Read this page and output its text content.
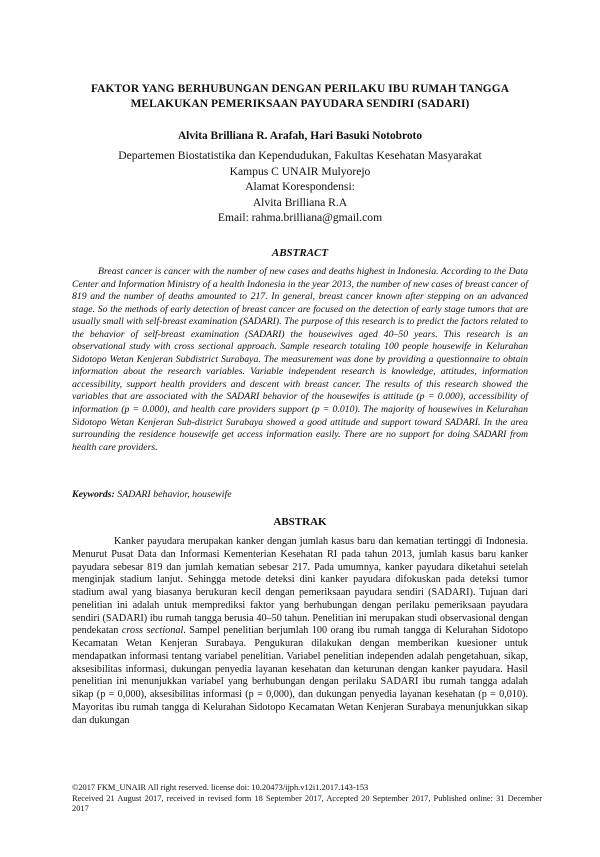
FAKTOR YANG BERHUBUNGAN DENGAN PERILAKU IBU RUMAH TANGGA
MELAKUKAN PEMERIKSAAN PAYUDARA SENDIRI (SADARI)
Alvita Brilliana R. Arafah, Hari Basuki Notobroto
Departemen Biostatistika dan Kependudukan, Fakultas Kesehatan Masyarakat
Kampus C UNAIR Mulyorejo
Alamat Korespondensi:
Alvita Brilliana R.A
Email: rahma.brilliana@gmail.com
ABSTRACT

Breast cancer is cancer with the number of new cases and deaths highest in Indonesia. According to the Data Center and Information Ministry of a health Indonesia in the year 2013, the number of new cases of breast cancer of 819 and the number of deaths amounted to 217. In general, breast cancer known after stepping on an advanced stage. So the methods of early detection of breast cancer are focused on the detection of early stage tumors that are usually small with self-breast examination (SADARI). The purpose of this research is to predict the factors related to the behavior of self-breast examination (SADARI) the housewives aged 40–50 years. This research is an observational study with cross sectional approach. Sample research totaling 100 people housewife in Kelurahan Sidotopo Wetan Kenjeran Subdistrict Surabaya. The measurement was done by providing a questionnaire to obtain information about the research variables. Variable independent research is knowledge, attitudes, information accessibility, support health providers and descent with breast cancer. The results of this research showed the variables that are associated with the SADARI behavior of the housewifes is attitude (p = 0.000), accessibility of information (p = 0.000), and health care providers support (p = 0.010). The majority of housewives in Kelurahan Sidotopo Wetan Kenjeran Sub-district Surabaya showed a good attitude and support toward SADARI. In the area surrounding the residence housewife get access information easily. There are no support for doing SADARI from health care providers.

Keywords: SADARI behavior, housewife
ABSTRAK

Kanker payudara merupakan kanker dengan jumlah kasus baru dan kematian tertinggi di Indonesia. Menurut Pusat Data dan Informasi Kementerian Kesehatan RI pada tahun 2013, jumlah kasus baru kanker payudara sebesar 819 dan jumlah kematian sebesar 217. Pada umumnya, kanker payudara diketahui setelah menginjak stadium lanjut. Sehingga metode deteksi dini kanker payudara difokuskan pada deteksi tumor stadium awal yang biasanya berukuran kecil dengan pemeriksaan payudara sendiri (SADARI). Tujuan dari penelitian ini adalah untuk memprediksi faktor yang berhubungan dengan perilaku pemeriksaan payudara sendiri (SADARI) ibu rumah tangga berusia 40–50 tahun. Penelitian ini merupakan studi observasional dengan pendekatan cross sectional. Sampel penelitian berjumlah 100 orang ibu rumah tangga di Kelurahan Sidotopo Kecamatan Wetan Kenjeran Surabaya. Pengukuran dilakukan dengan memberikan kuesioner untuk mendapatkan informasi tentang variabel penelitian. Variabel penelitian independen adalah pengetahuan, sikap, aksesibilitas informasi, dukungan penyedia layanan kesehatan dan keturunan dengan kanker payudara. Hasil penelitian ini menunjukkan variabel yang berhubungan dengan perilaku SADARI ibu rumah tangga adalah sikap (p = 0,000), aksesibilitas informasi (p = 0,000), dan dukungan penyedia layanan kesehatan (p = 0,010). Mayoritas ibu rumah tangga di Kelurahan Sidotopo Kecamatan Wetan Kenjeran Surabaya menunjukkan sikap dan dukungan

©2017 FKM_UNAIR All right reserved. license doi: 10.20473/ijph.v12i1.2017.143-153
Received 21 August 2017, received in revised form 18 September 2017, Accepted 20 September 2017, Published online: 31 December 2017
